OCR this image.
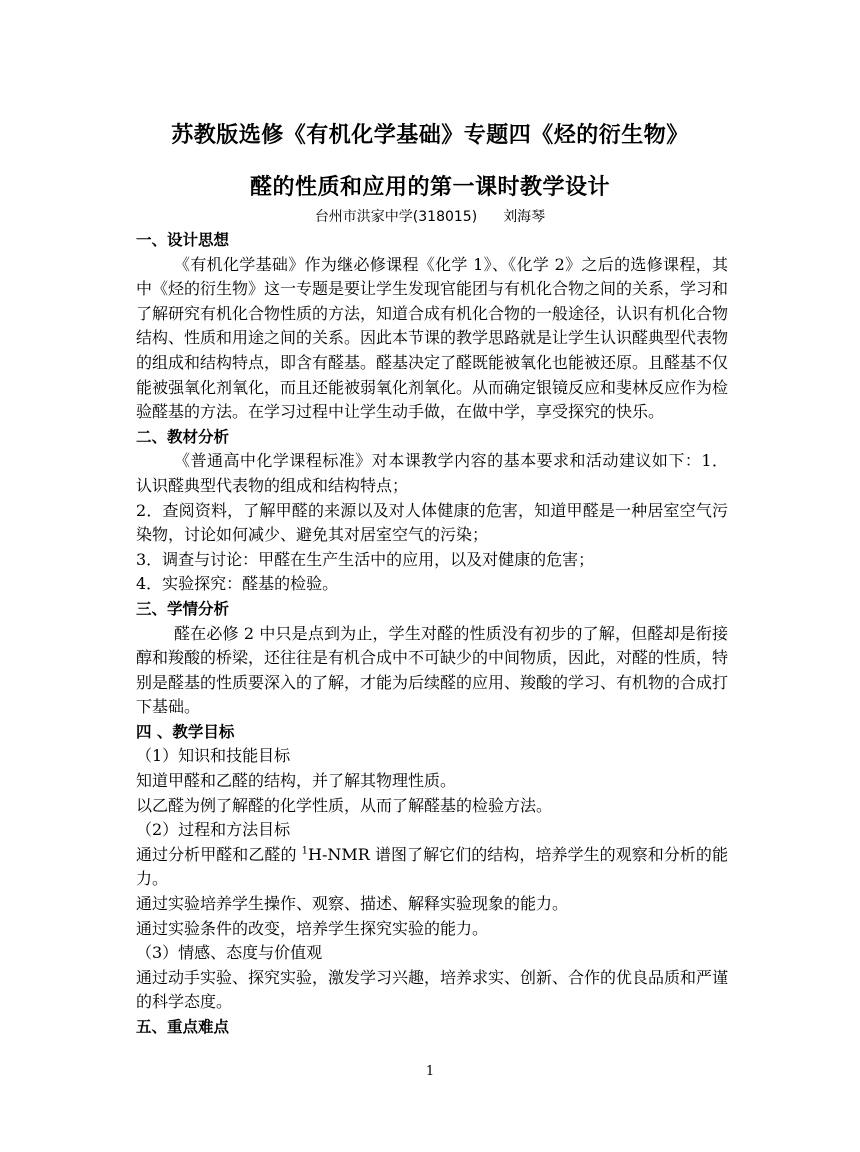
苏教版选修《有机化学基础》专题四《烃的衍生物》
醛的性质和应用的第一课时教学设计
台州市洪家中学(318015) 刘海琴
一、设计思想

《有机化学基础》作为继必修课程《化学 1》、《化学 2》之后的选修课程，其中《烃的衍生物》这一专题是要让学生发现官能团与有机化合物之间的关系，学习和了解研究有机化合物性质的方法，知道合成有机化合物的一般途径，认识有机化合物结构、性质和用途之间的关系。因此本节课的教学思路就是让学生认识醛典型代表物的组成和结构特点，即含有醛基。醛基决定了醛既能被氧化也能被还原。且醛基不仅能被强氧化剂氧化，而且还能被弱氧化剂氧化。从而确定银镜反应和斐林反应作为检验醛基的方法。在学习过程中让学生动手做，在做中学，享受探究的快乐。

二、教材分析

《普通高中化学课程标准》对本课教学内容的基本要求和活动建议如下：1．认识醛典型代表物的组成和结构特点；

2．查阅资料，了解甲醛的来源以及对人体健康的危害，知道甲醛是一种居室空气污染物，讨论如何减少、避免其对居室空气的污染；

3．调查与讨论：甲醛在生产生活中的应用，以及对健康的危害；

4．实验探究：醛基的检验。

三、学情分析

醛在必修 2 中只是点到为止，学生对醛的性质没有初步的了解，但醛却是衔接醇和羧酸的桥梁，还往往是有机合成中不可缺少的中间物质，因此，对醛的性质，特别是醛基的性质要深入的了解，才能为后续醛的应用、羧酸的学习、有机物的合成打下基础。

四 、教学目标

（1）知识和技能目标

知道甲醛和乙醛的结构，并了解其物理性质。

以乙醛为例了解醛的化学性质，从而了解醛基的检验方法。

（2）过程和方法目标

通过分析甲醛和乙醛的 $^1$H-NMR 谱图了解它们的结构，培养学生的观察和分析的能力。

通过实验培养学生操作、观察、描述、解释实验现象的能力。

通过实验条件的改变，培养学生探究实验的能力。

（3）情感、态度与价值观

通过动手实验、探究实验，激发学习兴趣，培养求实、创新、合作的优良品质和严谨的科学态度。

五、重点难点
1
